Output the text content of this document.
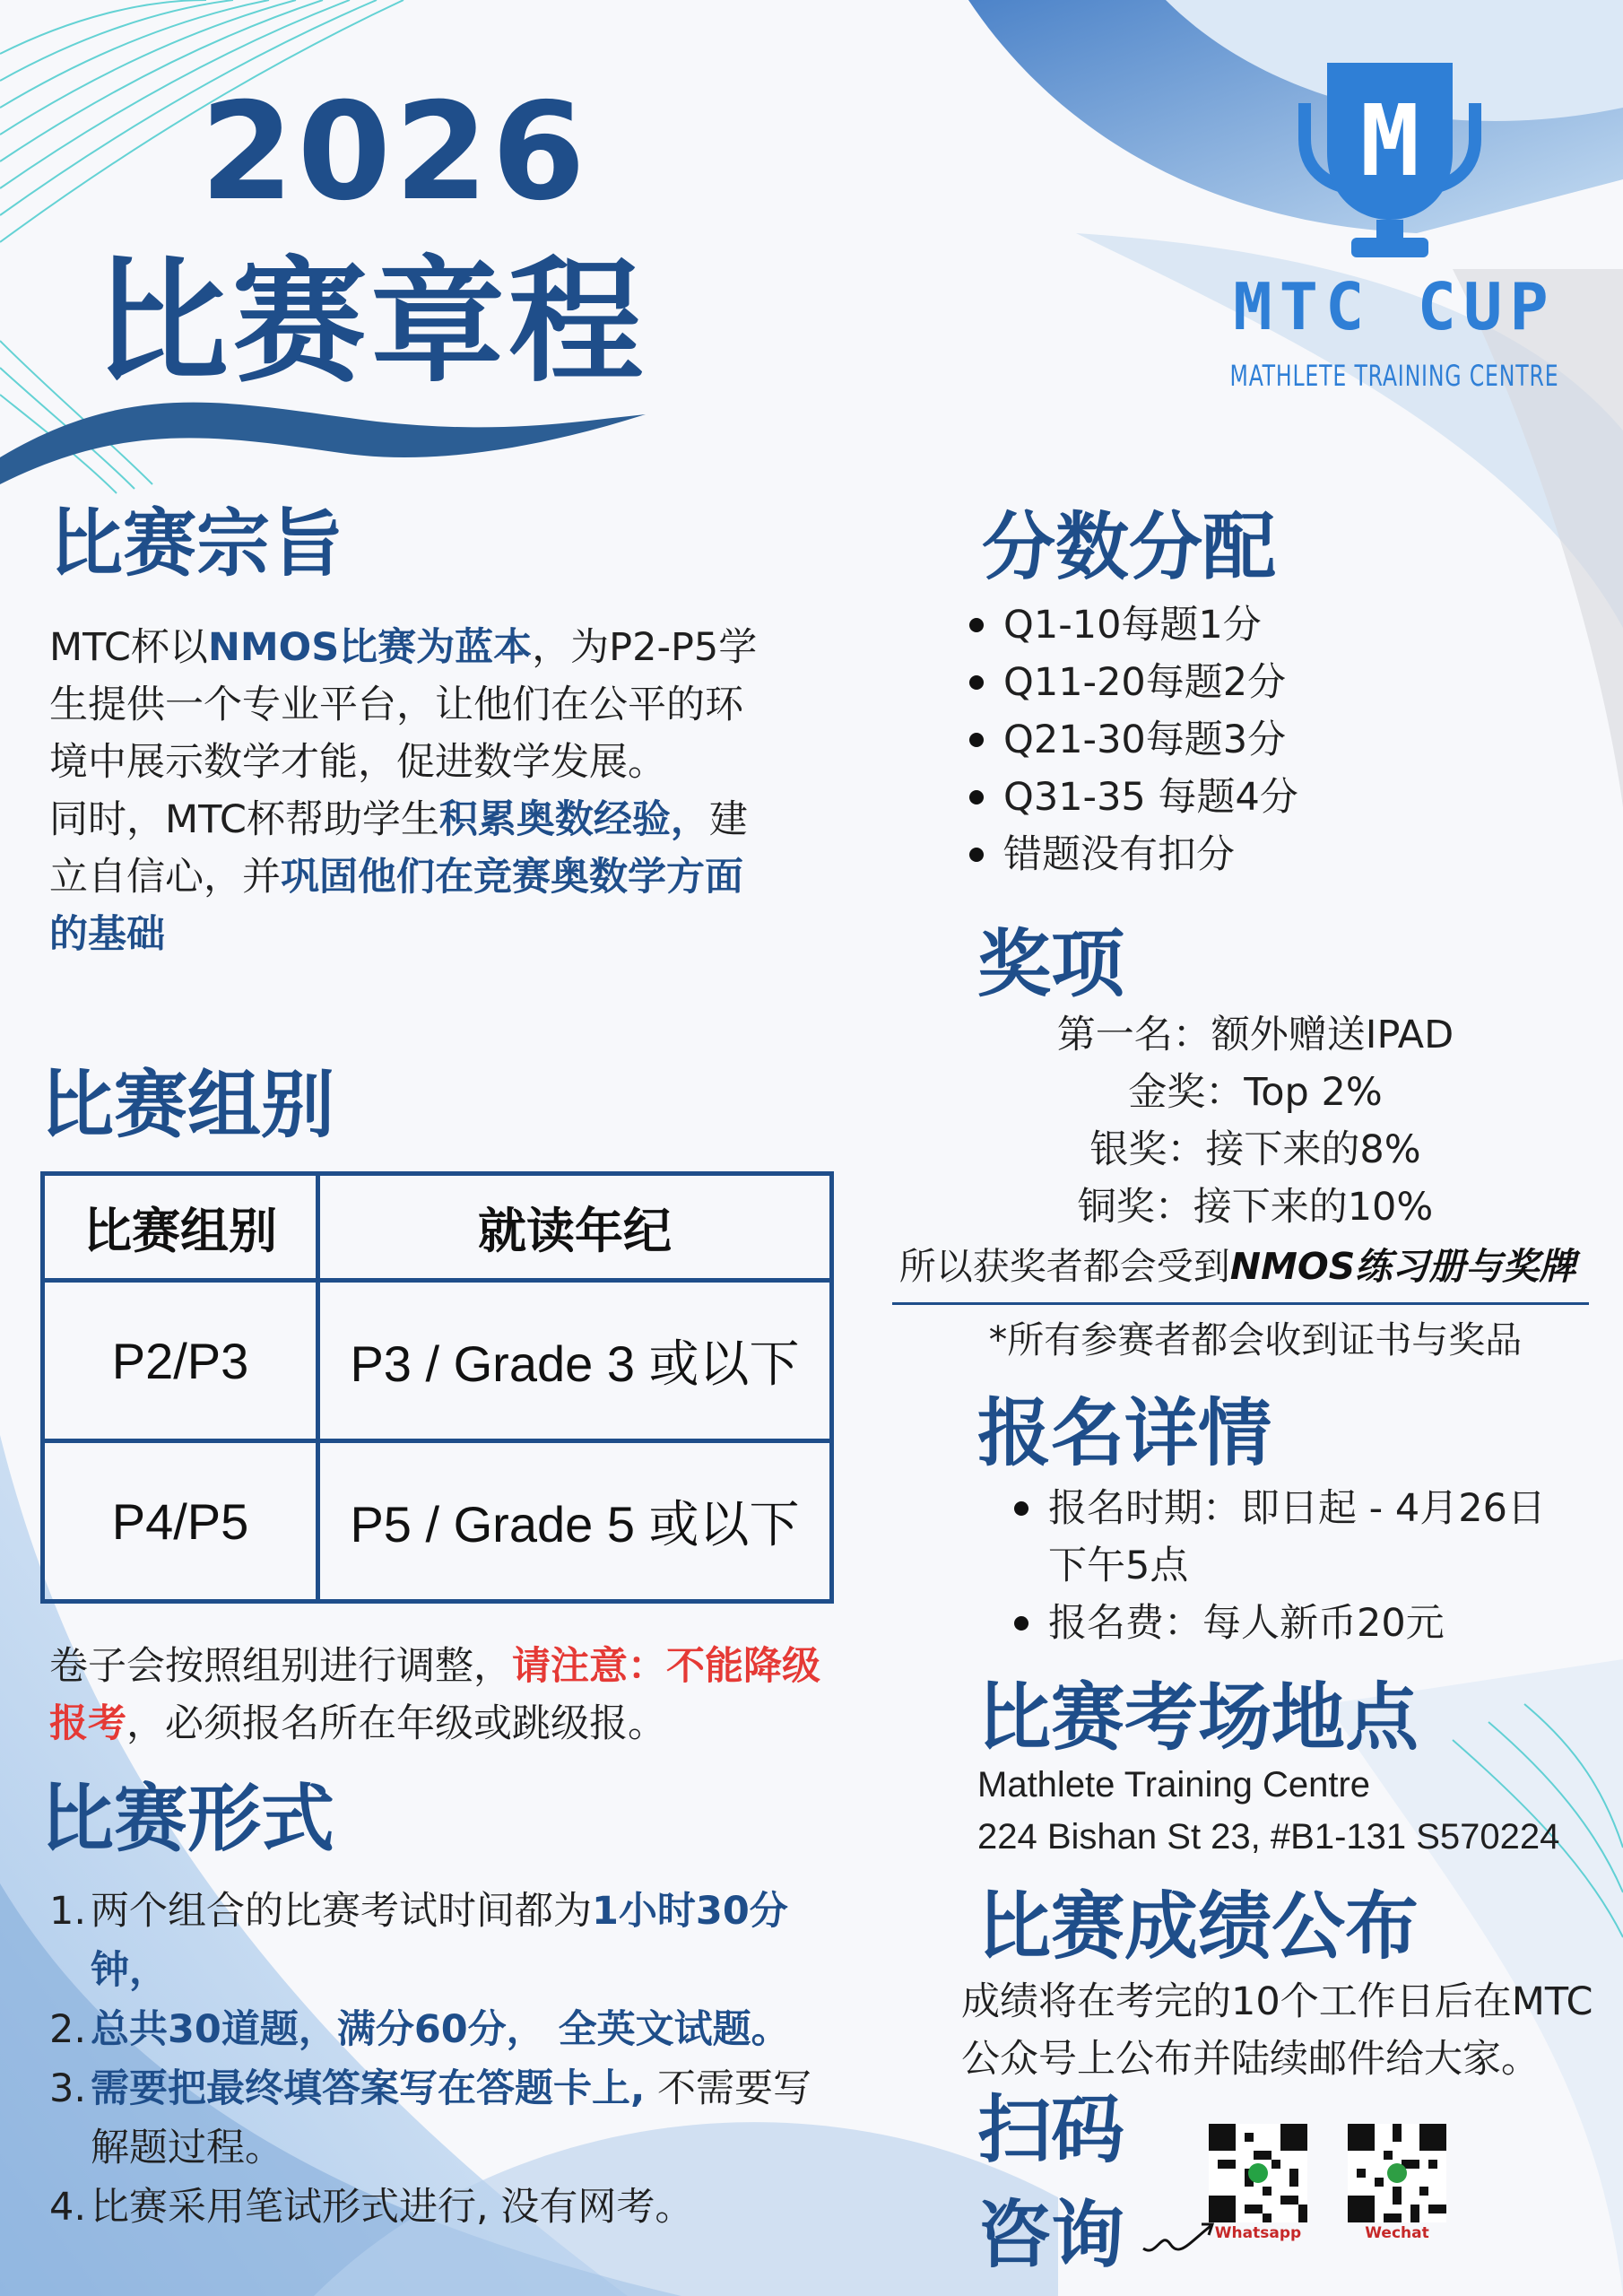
2026
比赛章程
M
MTC CUP
MATHLETE TRAINING CENTRE
比赛宗旨
MTC杯以NMOS比赛为蓝本，为P2-P5学生提供一个专业平台，让他们在公平的环境中展示数学才能，促进数学发展。
同时，MTC杯帮助学生积累奥数经验，建立自信心，并巩固他们在竞赛奥数学方面的基础
比赛组别
比赛组别	就读年纪
P2/P3	P3 / Grade 3 或以下
P4/P5	P5 / Grade 5 或以下
卷子会按照组别进行调整，请注意：不能降级报考，必须报名所在年级或跳级报。
比赛形式
1. 两个组合的比赛考试时间都为1小时30分钟，
2. 总共30道题，满分60分， 全英文试题。
3. 需要把最终填答案写在答题卡上, 不需要写解题过程。
4. 比赛采用笔试形式进行, 没有网考。
分数分配
Q1-10每题1分
Q11-20每题2分
Q21-30每题3分
Q31-35 每题4分
错题没有扣分
奖项
第一名：额外赠送IPAD
金奖：Top 2%
银奖：接下来的8%
铜奖：接下来的10%
所以获奖者都会受到NMOS练习册与奖牌
*所有参赛者都会收到证书与奖品
报名详情
报名时期：即日起 - 4月26日下午5点
报名费：每人新币20元
比赛考场地点
Mathlete Training Centre
224 Bishan St 23, #B1-131 S570224
比赛成绩公布
成绩将在考完的10个工作日后在MTC公众号上公布并陆续邮件给大家。
扫码
咨询	Whatsapp	Wechat
